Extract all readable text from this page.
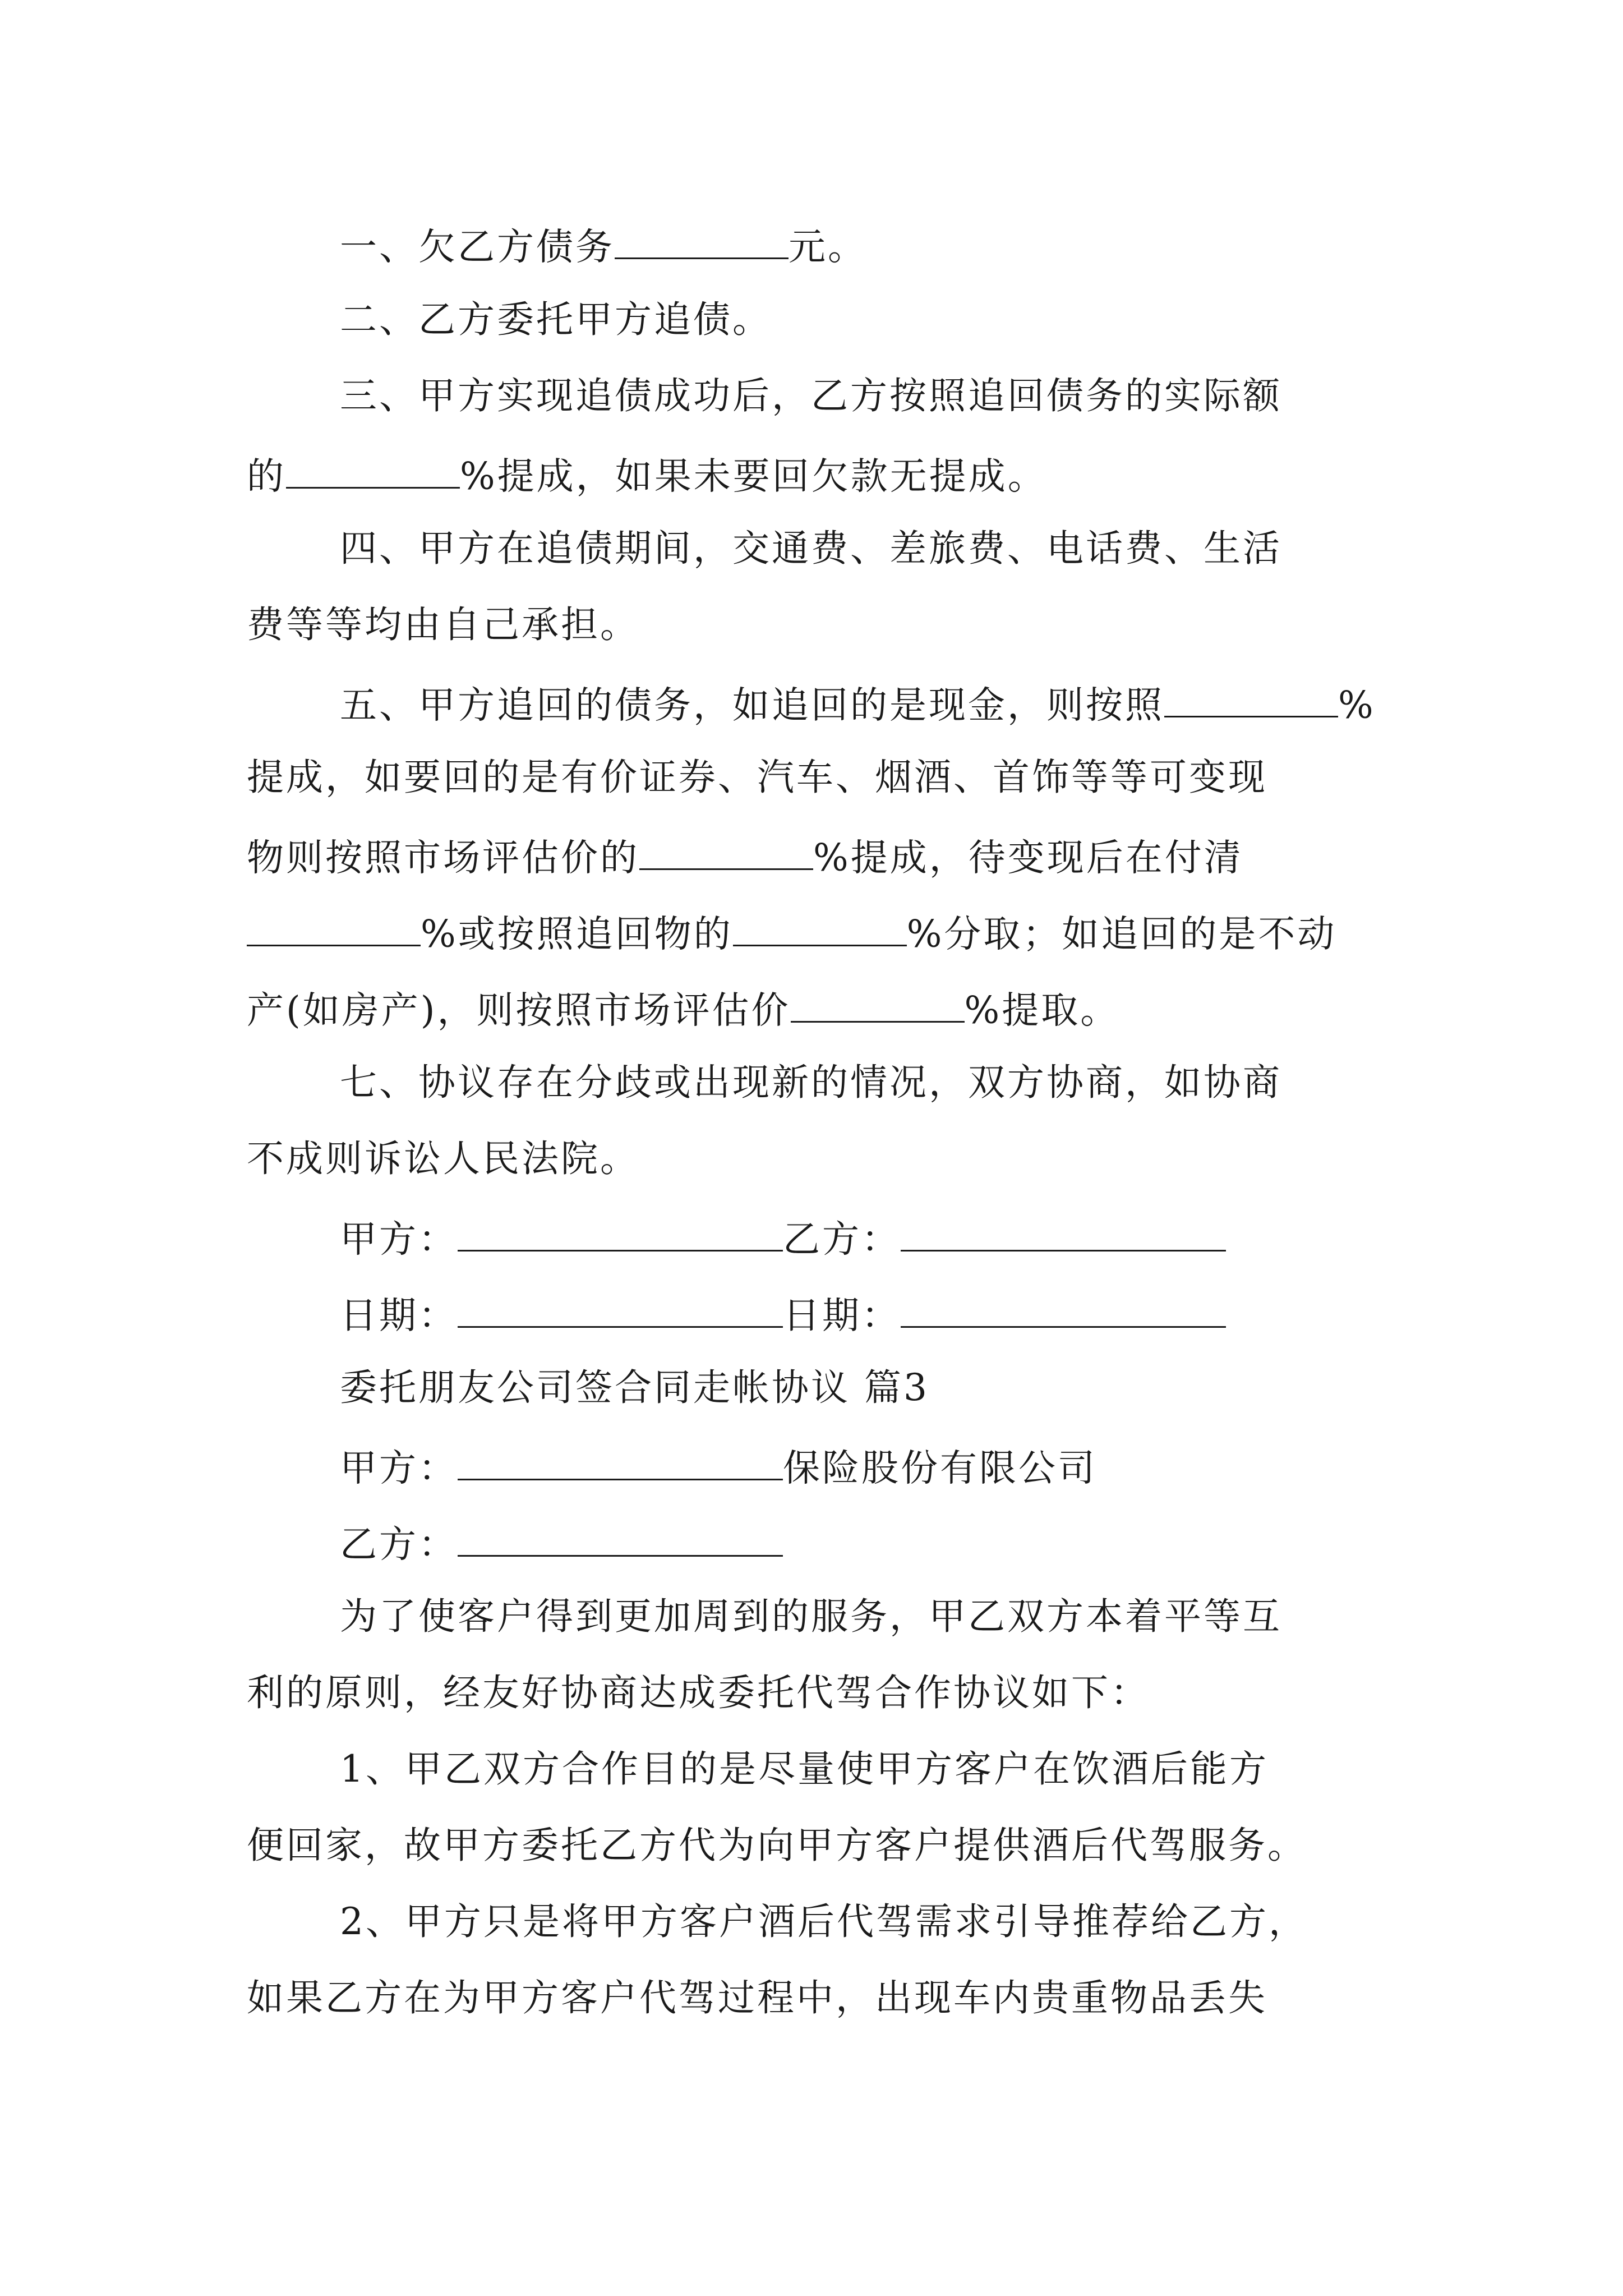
一、欠乙方债务	元。
二、乙方委托甲方追债。
三、甲方实现追债成功后，乙方按照追回债务的实际额
的	%提成，如果未要回欠款无提成。
四、甲方在追债期间，交通费、差旅费、电话费、生活
费等等均由自己承担。
五、甲方追回的债务，如追回的是现金，则按照	%
提成，如要回的是有价证券、汽车、烟酒、首饰等等可变现
物则按照市场评估价的	%提成，待变现后在付清
%或按照追回物的	%分取；如追回的是不动
产(如房产)，则按照市场评估价	%提取。
七、协议存在分歧或出现新的情况，双方协商，如协商
不成则诉讼人民法院。
甲方：	乙方：
日期：	日期：
委托朋友公司签合同走帐协议 篇3
甲方：	保险股份有限公司
乙方：
为了使客户得到更加周到的服务，甲乙双方本着平等互
利的原则，经友好协商达成委托代驾合作协议如下：
1、甲乙双方合作目的是尽量使甲方客户在饮酒后能方
便回家，故甲方委托乙方代为向甲方客户提供酒后代驾服务。
2、甲方只是将甲方客户酒后代驾需求引导推荐给乙方，
如果乙方在为甲方客户代驾过程中，出现车内贵重物品丢失
